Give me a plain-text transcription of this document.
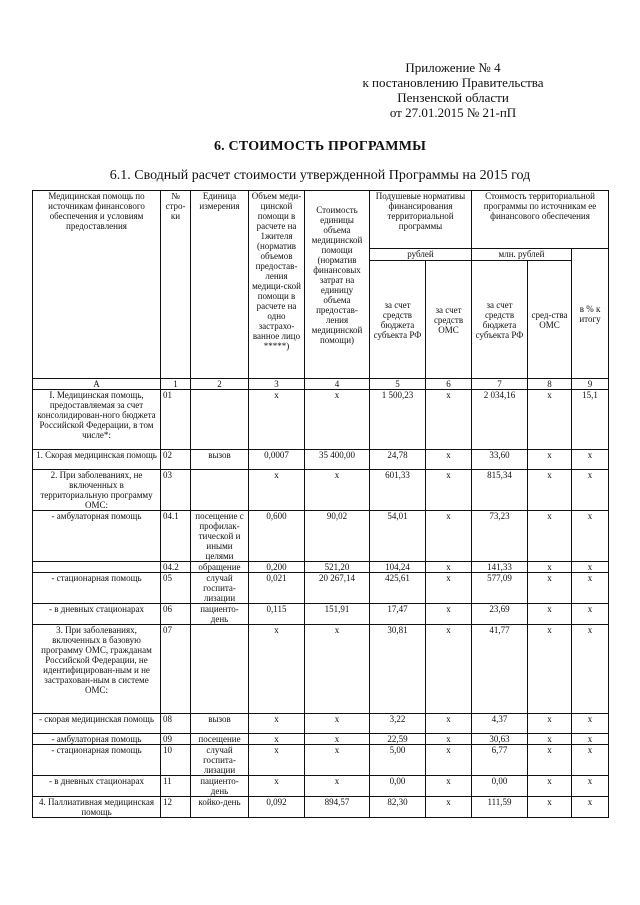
Приложение № 4
к постановлению Правительства
Пензенской области
от 27.01.2015 № 21-пП
6. СТОИМОСТЬ ПРОГРАММЫ
6.1. Сводный расчет стоимости утвержденной Программы на 2015 год
Медицинская помощь по источникам финансового обеспечения и условиям предоставления	№ стро-ки	Единица измерения	Объем меди-цинской помощи в расчете на 1жителя (норматив объемов предостав-ления медици-ской помощи в расчете на одно застрахо-ванное лицо *****)	Стоимость единицы объема медицинской помощи (норматив финансовых затрат на единицу объема предостав-ления медицинской помощи)	Подушевые нормативы финансирования территориальной программы		Стоимость территориальной программы по источникам ее финансового обеспечения		
					рублей		млн. рублей		в % к итогу
					за счет средств бюджета субъекта РФ	за счет средств ОМС	за счет средств бюджета субъекта РФ	сред-ства ОМС	
А	1	2	3	4	5	6	7	8	9
I. Медицинская помощь, предоставляемая за счет консолидирован-ного бюджета Российской Федерации, в том числе*:	01		х	х	1 500,23	х	2 034,16	х	15,1
1. Скорая медицинская помощь	02	вызов	0,0007	35 400,00	24,78	х	33,60	х	х
2. При заболеваниях, не включенных в территориальную программу ОМС:	03		х	х	601,33	х	815,34	х	х
- амбулаторная помощь	04.1	посещение с профилак-тической и иными целями	0,600	90,02	54,01	х	73,23	х	х
	04.2	обращение	0,200	521,20	104,24	х	141,33	х	х
- стационарная помощь	05	случай госпита-лизации	0,021	20 267,14	425,61	х	577,09	х	х
- в дневных стационарах	06	пациенто-день	0,115	151,91	17,47	х	23,69	х	х
3. При заболеваниях, включенных в базовую программу ОМС, гражданам Российской Федерации, не идентифицирован-ным и не застрахован-ным в системе ОМС:	07		х	х	30,81	х	41,77	х	х
- скорая медицинская помощь	08	вызов	х	х	3,22	х	4,37	х	х
- амбулаторная помощь	09	посещение	х	х	22,59	х	30,63	х	х
- стационарная помощь	10	случай госпита-лизации	х	х	5,00	х	6,77	х	х
- в дневных стационарах	11	пациенто-день	х	х	0,00	х	0,00	х	х
4. Паллиативная медицинская помощь	12	койко-день	0,092	894,57	82,30	х	111,59	х	х
